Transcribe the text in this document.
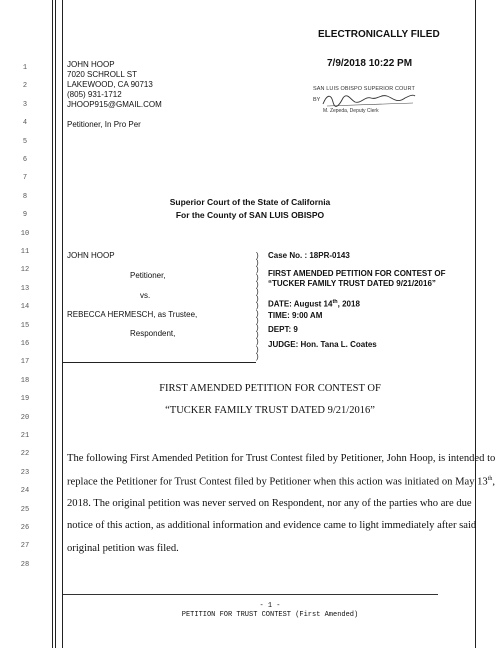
1
2
3
4
5
6
7
8
9
10
11
12
13
14
15
16
17
18
19
20
21
22
23
24
25
26
27
28
ELECTRONICALLY FILED
7/9/2018 10:22 PM
SAN LUIS OBISPO SUPERIOR COURT
BY
M. Zepeda, Deputy Clerk
JOHN HOOP
7020 SCHROLL ST
LAKEWOOD, CA 90713
(805) 931-1712
JHOOP915@GMAIL.COM
Petitioner, In Pro Per
Superior Court of the State of California
For the County of SAN LUIS OBISPO
JOHN HOOP
Petitioner,
vs.
REBECCA HERMESCH, as Trustee,
Respondent,
)
)
)
)
)
)
)
)
)
)
)
)
)
)
)
Case No. : 18PR-0143
FIRST AMENDED PETITION FOR CONTEST OF
“TUCKER FAMILY TRUST DATED 9/21/2016”
DATE: August 14th, 2018
TIME: 9:00 AM
DEPT: 9
JUDGE: Hon. Tana L. Coates
FIRST AMENDED PETITION FOR CONTEST OF
“TUCKER FAMILY TRUST DATED 9/21/2016”
The following First Amended Petition for Trust Contest filed by Petitioner, John Hoop, is intended to
replace the Petitioner for Trust Contest filed by Petitioner when this action was initiated on May 13th,
2018. The original petition was never served on Respondent, nor any of the parties who are due
notice of this action, as additional information and evidence came to light immediately after said
original petition was filed.
- 1 -
PETITION FOR TRUST CONTEST (First Amended)
